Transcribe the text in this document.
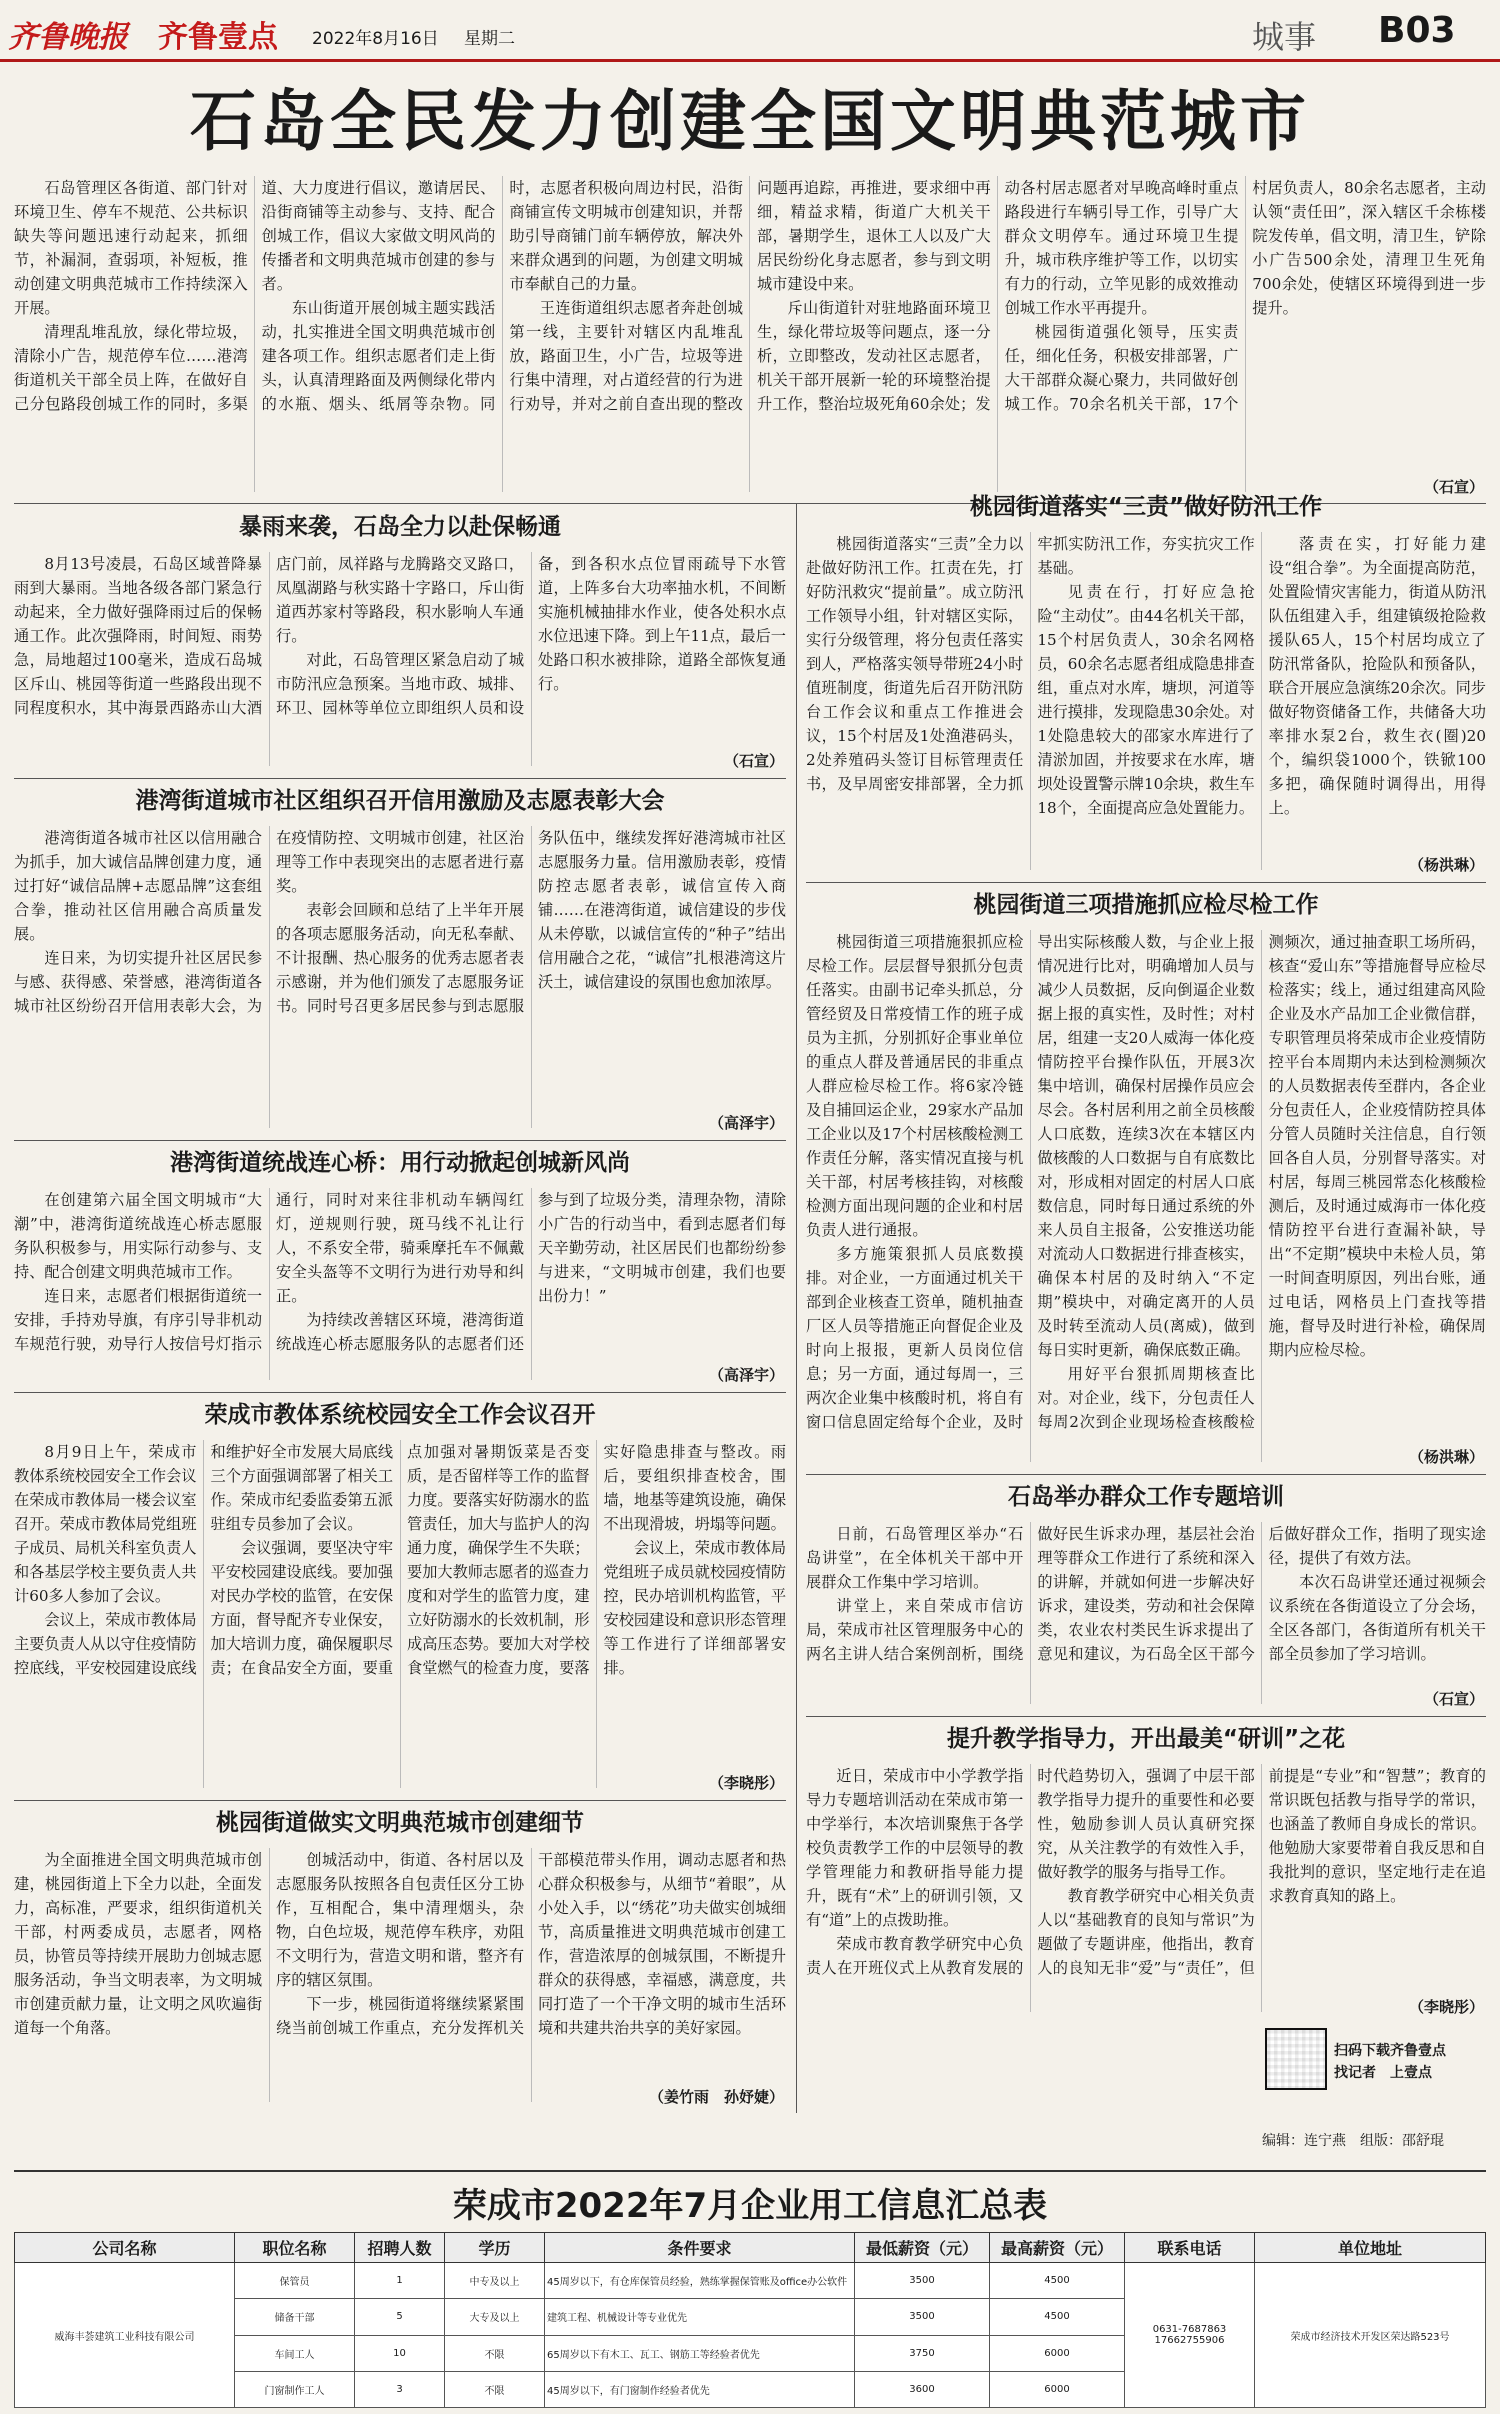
齐鲁晚报 齐鲁壹点 2022年8月16日 星期二	城事 B03
石岛全民发力创建全国文明典范城市

石岛管理区各街道、部门针对环境卫生、停车不规范、公共标识缺失等问题迅速行动起来，抓细节，补漏洞，查弱项，补短板，推动创建文明典范城市工作持续深入开展。

清理乱堆乱放，绿化带垃圾，清除小广告，规范停车位……港湾街道机关干部全员上阵，在做好自己分包路段创城工作的同时，多渠道、大力度进行倡议，邀请居民、沿街商铺等主动参与、支持、配合创城工作，倡议大家做文明风尚的传播者和文明典范城市创建的参与者。

东山街道开展创城主题实践活动，扎实推进全国文明典范城市创建各项工作。组织志愿者们走上街头，认真清理路面及两侧绿化带内的水瓶、烟头、纸屑等杂物。同时，志愿者积极向周边村民，沿街商铺宣传文明城市创建知识，并帮助引导商铺门前车辆停放，解决外来群众遇到的问题，为创建文明城市奉献自己的力量。

王连街道组织志愿者奔赴创城第一线，主要针对辖区内乱堆乱放，路面卫生，小广告，垃圾等进行集中清理，对占道经营的行为进行劝导，并对之前自查出现的整改问题再追踪，再推进，要求细中再细，精益求精，街道广大机关干部，暑期学生，退休工人以及广大居民纷纷化身志愿者，参与到文明城市建设中来。

斥山街道针对驻地路面环境卫生，绿化带垃圾等问题点，逐一分析，立即整改，发动社区志愿者，机关干部开展新一轮的环境整治提升工作，整治垃圾死角60余处；发动各村居志愿者对早晚高峰时重点路段进行车辆引导工作，引导广大群众文明停车。通过环境卫生提升，城市秩序维护等工作，以切实有力的行动，立竿见影的成效推动创城工作水平再提升。

桃园街道强化领导，压实责任，细化任务，积极安排部署，广大干部群众凝心聚力，共同做好创城工作。70余名机关干部，17个村居负责人，80余名志愿者，主动认领“责任田”，深入辖区千余栋楼院发传单，倡文明，清卫生，铲除小广告500余处，清理卫生死角700余处，使辖区环境得到进一步提升。

（石宣）
暴雨来袭，石岛全力以赴保畅通

8月13号凌晨，石岛区域普降暴雨到大暴雨。当地各级各部门紧急行动起来，全力做好强降雨过后的保畅通工作。此次强降雨，时间短、雨势急，局地超过100毫米，造成石岛城区斥山、桃园等街道一些路段出现不同程度积水，其中海景西路赤山大酒店门前，凤祥路与龙腾路交叉路口，凤凰湖路与秋实路十字路口，斥山街道西苏家村等路段，积水影响人车通行。

对此，石岛管理区紧急启动了城市防汛应急预案。当地市政、城排、环卫、园林等单位立即组织人员和设备，到各积水点位冒雨疏导下水管道，上阵多台大功率抽水机，不间断实施机械抽排水作业，使各处积水点水位迅速下降。到上午11点，最后一处路口积水被排除，道路全部恢复通行。

（石宣）
港湾街道城市社区组织召开信用激励及志愿表彰大会

港湾街道各城市社区以信用融合为抓手，加大诚信品牌创建力度，通过打好“诚信品牌+志愿品牌”这套组合拳，推动社区信用融合高质量发展。

连日来，为切实提升社区居民参与感、获得感、荣誉感，港湾街道各城市社区纷纷召开信用表彰大会，为在疫情防控、文明城市创建，社区治理等工作中表现突出的志愿者进行嘉奖。

表彰会回顾和总结了上半年开展的各项志愿服务活动，向无私奉献、不计报酬、热心服务的优秀志愿者表示感谢，并为他们颁发了志愿服务证书。同时号召更多居民参与到志愿服务队伍中，继续发挥好港湾城市社区志愿服务力量。信用激励表彰，疫情防控志愿者表彰，诚信宣传入商铺……在港湾街道，诚信建设的步伐从未停歇，以诚信宣传的“种子”结出信用融合之花，“诚信”扎根港湾这片沃土，诚信建设的氛围也愈加浓厚。

（高泽宇）
港湾街道统战连心桥：用行动掀起创城新风尚

在创建第六届全国文明城市“大潮”中，港湾街道统战连心桥志愿服务队积极参与，用实际行动参与、支持、配合创建文明典范城市工作。

连日来，志愿者们根据街道统一安排，手持劝导旗，有序引导非机动车规范行驶，劝导行人按信号灯指示通行，同时对来往非机动车辆闯红灯，逆规则行驶，斑马线不礼让行人，不系安全带，骑乘摩托车不佩戴安全头盔等不文明行为进行劝导和纠正。

为持续改善辖区环境，港湾街道统战连心桥志愿服务队的志愿者们还参与到了垃圾分类，清理杂物，清除小广告的行动当中，看到志愿者们每天辛勤劳动，社区居民们也都纷纷参与进来，“文明城市创建，我们也要出份力！”

（高泽宇）
荣成市教体系统校园安全工作会议召开

8月9日上午，荣成市教体系统校园安全工作会议在荣成市教体局一楼会议室召开。荣成市教体局党组班子成员、局机关科室负责人和各基层学校主要负责人共计60多人参加了会议。

会议上，荣成市教体局主要负责人从以守住疫情防控底线，平安校园建设底线和维护好全市发展大局底线三个方面强调部署了相关工作。荣成市纪委监委第五派驻组专员参加了会议。

会议强调，要坚决守牢平安校园建设底线。要加强对民办学校的监管，在安保方面，督导配齐专业保安，加大培训力度，确保履职尽责；在食品安全方面，要重点加强对暑期饭菜是否变质，是否留样等工作的监督力度。要落实好防溺水的监管责任，加大与监护人的沟通力度，确保学生不失联；要加大教师志愿者的巡查力度和对学生的监管力度，建立好防溺水的长效机制，形成高压态势。要加大对学校食堂燃气的检查力度，要落实好隐患排查与整改。雨后，要组织排查校舍，围墙，地基等建筑设施，确保不出现滑坡，坍塌等问题。

会议上，荣成市教体局党组班子成员就校园疫情防控，民办培训机构监管，平安校园建设和意识形态管理等工作进行了详细部署安排。

（李晓彤）
桃园街道做实文明典范城市创建细节

为全面推进全国文明典范城市创建，桃园街道上下全力以赴，全面发力，高标准，严要求，组织街道机关干部，村两委成员，志愿者，网格员，协管员等持续开展助力创城志愿服务活动，争当文明表率，为文明城市创建贡献力量，让文明之风吹遍街道每一个角落。

创城活动中，街道、各村居以及志愿服务队按照各自包责任区分工协作，互相配合，集中清理烟头，杂物，白色垃圾，规范停车秩序，劝阻不文明行为，营造文明和谐，整齐有序的辖区氛围。

下一步，桃园街道将继续紧紧围绕当前创城工作重点，充分发挥机关干部模范带头作用，调动志愿者和热心群众积极参与，从细节“着眼”，从小处入手，以“绣花”功夫做实创城细节，高质量推进文明典范城市创建工作，营造浓厚的创城氛围，不断提升群众的获得感，幸福感，满意度，共同打造了一个干净文明的城市生活环境和共建共治共享的美好家园。

（姜竹雨　孙妤婕）
桃园街道落实“三责”做好防汛工作

桃园街道落实“三责”全力以赴做好防汛工作。扛责在先，打好防汛救灾“提前量”。成立防汛工作领导小组，针对辖区实际，实行分级管理，将分包责任落实到人，严格落实领导带班24小时值班制度，街道先后召开防汛防台工作会议和重点工作推进会议，15个村居及1处渔港码头，2处养殖码头签订目标管理责任书，及早周密安排部署，全力抓牢抓实防汛工作，夯实抗灾工作基础。

见责在行，打好应急抢险“主动仗”。由44名机关干部，15个村居负责人，30余名网格员，60余名志愿者组成隐患排查组，重点对水库，塘坝，河道等进行摸排，发现隐患30余处。对1处隐患较大的邵家水库进行了清淤加固，并按要求在水库，塘坝处设置警示牌10余块，救生车18个，全面提高应急处置能力。

落责在实，打好能力建设“组合拳”。为全面提高防范，处置险情灾害能力，街道从防汛队伍组建入手，组建镇级抢险救援队65人，15个村居均成立了防汛常备队，抢险队和预备队，联合开展应急演练20余次。同步做好物资储备工作，共储备大功率排水泵2台，救生衣(圈)20个，编织袋1000个，铁锨100多把，确保随时调得出，用得上。

（杨洪琳）
桃园街道三项措施抓应检尽检工作

桃园街道三项措施狠抓应检尽检工作。层层督导狠抓分包责任落实。由副书记牵头抓总，分管经贸及日常疫情工作的班子成员为主抓，分别抓好企事业单位的重点人群及普通居民的非重点人群应检尽检工作。将6家冷链及自捕回运企业，29家水产品加工企业以及17个村居核酸检测工作责任分解，落实情况直接与机关干部，村居考核挂钩，对核酸检测方面出现问题的企业和村居负责人进行通报。

多方施策狠抓人员底数摸排。对企业，一方面通过机关干部到企业核查工资单，随机抽查厂区人员等措施正向督促企业及时向上报报，更新人员岗位信息；另一方面，通过每周一，三两次企业集中核酸时机，将自有窗口信息固定给每个企业，及时导出实际核酸人数，与企业上报情况进行比对，明确增加人员与减少人员数据，反向倒逼企业数据上报的真实性，及时性；对村居，组建一支20人威海一体化疫情防控平台操作队伍，开展3次集中培训，确保村居操作员应会尽会。各村居利用之前全员核酸人口底数，连续3次在本辖区内做核酸的人口数据与自有底数比对，形成相对固定的村居人口底数信息，同时每日通过系统的外来人员自主报备，公安推送功能对流动人口数据进行排查核实，确保本村居的及时纳入“不定期”模块中，对确定离开的人员及时转至流动人员(离威)，做到每日实时更新，确保底数正确。

用好平台狠抓周期核查比对。对企业，线下，分包责任人每周2次到企业现场检查核酸检测频次，通过抽查职工场所码，核查“爱山东”等措施督导应检尽检落实；线上，通过组建高风险企业及水产品加工企业微信群，专职管理员将荣成市企业疫情防控平台本周期内未达到检测频次的人员数据表传至群内，各企业分包责任人，企业疫情防控具体分管人员随时关注信息，自行领回各自人员，分别督导落实。对村居，每周三桃园常态化核酸检测后，及时通过威海市一体化疫情防控平台进行查漏补缺，导出“不定期”模块中未检人员，第一时间查明原因，列出台账，通过电话，网格员上门查找等措施，督导及时进行补检，确保周期内应检尽检。

（杨洪琳）
石岛举办群众工作专题培训

日前，石岛管理区举办“石岛讲堂”，在全体机关干部中开展群众工作集中学习培训。

讲堂上，来自荣成市信访局，荣成市社区管理服务中心的两名主讲人结合案例剖析，围绕做好民生诉求办理，基层社会治理等群众工作进行了系统和深入的讲解，并就如何进一步解决好诉求，建设类，劳动和社会保障类，农业农村类民生诉求提出了意见和建议，为石岛全区干部今后做好群众工作，指明了现实途径，提供了有效方法。

本次石岛讲堂还通过视频会议系统在各街道设立了分会场，全区各部门，各街道所有机关干部全员参加了学习培训。

（石宣）
提升教学指导力，开出最美“研训”之花

近日，荣成市中小学教学指导力专题培训活动在荣成市第一中学举行，本次培训聚焦于各学校负责教学工作的中层领导的教学管理能力和教研指导能力提升，既有“术”上的研训引领，又有“道”上的点拨助推。

荣成市教育教学研究中心负责人在开班仪式上从教育发展的时代趋势切入，强调了中层干部教学指导力提升的重要性和必要性，勉励参训人员认真研究探究，从关注教学的有效性入手，做好教学的服务与指导工作。

教育教学研究中心相关负责人以“基础教育的良知与常识”为题做了专题讲座，他指出，教育人的良知无非“爱”与“责任”，但前提是“专业”和“智慧”；教育的常识既包括教与指导学的常识，也涵盖了教师自身成长的常识。他勉励大家要带着自我反思和自我批判的意识，坚定地行走在追求教育真知的路上。

（李晓彤）
扫码下载齐鲁壹点
找记者　上壹点
编辑：连宁燕　组版：邵舒琨
荣成市2022年7月企业用工信息汇总表
公司名称	职位名称	招聘人数	学历	条件要求	最低薪资（元）	最高薪资（元）	联系电话	单位地址
威海丰荟建筑工业科技有限公司	保管员	1	中专及以上	45周岁以下，有仓库保管员经验，熟练掌握保管账及office办公软件	3500	4500	0631-7687863 17662755906	荣成市经济技术开发区荣达路523号
	储备干部	5	大专及以上	建筑工程、机械设计等专业优先	3500	4500		
	车间工人	10	不限	65周岁以下有木工、瓦工、钢筋工等经验者优先	3750	6000		
	门窗制作工人	3	不限	45周岁以下，有门窗制作经验者优先	3600	6000		
